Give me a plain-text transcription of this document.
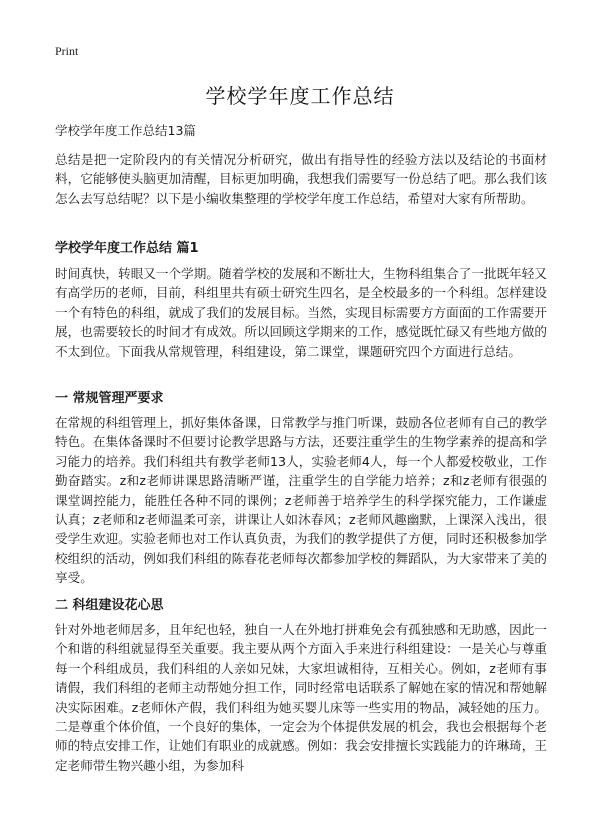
Print
学校学年度工作总结
学校学年度工作总结13篇
总结是把一定阶段内的有关情况分析研究，做出有指导性的经验方法以及结论的书面材料，它能够使头脑更加清醒，目标更加明确，我想我们需要写一份总结了吧。那么我们该怎么去写总结呢？以下是小编收集整理的学校学年度工作总结，希望对大家有所帮助。
学校学年度工作总结 篇1
时间真快，转眼又一个学期。随着学校的发展和不断壮大，生物科组集合了一批既年轻又有高学历的老师，目前，科组里共有硕士研究生四名，是全校最多的一个科组。怎样建设一个有特色的科组，就成了我们的发展目标。当然，实现目标需要方方面面的工作需要开展，也需要较长的时间才有成效。所以回顾这学期来的工作，感觉既忙碌又有些地方做的不太到位。下面我从常规管理，科组建设，第二课堂，课题研究四个方面进行总结。
一 常规管理严要求
在常规的科组管理上，抓好集体备课，日常教学与推门听课，鼓励各位老师有自己的教学特色。在集体备课时不但要讨论教学思路与方法，还要注重学生的生物学素养的提高和学习能力的培养。我们科组共有教学老师13人，实验老师4人，每一个人都爱校敬业，工作勤奋踏实。z和z老师讲课思路清晰严谨，注重学生的自学能力培养；z和z老师有很强的课堂调控能力，能胜任各种不同的课例；z老师善于培养学生的科学探究能力，工作谦虚认真；z老师和z老师温柔可亲，讲课让人如沐春风；z老师风趣幽默，上课深入浅出，很受学生欢迎。实验老师也对工作认真负责，为我们的教学提供了方便，同时还积极参加学校组织的活动，例如我们科组的陈春花老师每次都参加学校的舞蹈队，为大家带来了美的享受。
二 科组建设花心思
针对外地老师居多，且年纪也轻，独自一人在外地打拼难免会有孤独感和无助感，因此一个和谐的科组就显得至关重要。我主要从两个方面入手来进行科组建设：一是关心与尊重每一个科组成员，我们科组的人亲如兄妹，大家坦诚相待，互相关心。例如，z老师有事请假，我们科组的老师主动帮她分担工作，同时经常电话联系了解她在家的情况和帮她解决实际困难。z老师休产假，我们科组为她买婴儿床等一些实用的物品，减轻她的压力。二是尊重个体价值，一个良好的集体，一定会为个体提供发展的机会，我也会根据每个老师的特点安排工作，让她们有职业的成就感。例如：我会安排擅长实践能力的许琳琦，王定老师带生物兴趣小组，为参加科
